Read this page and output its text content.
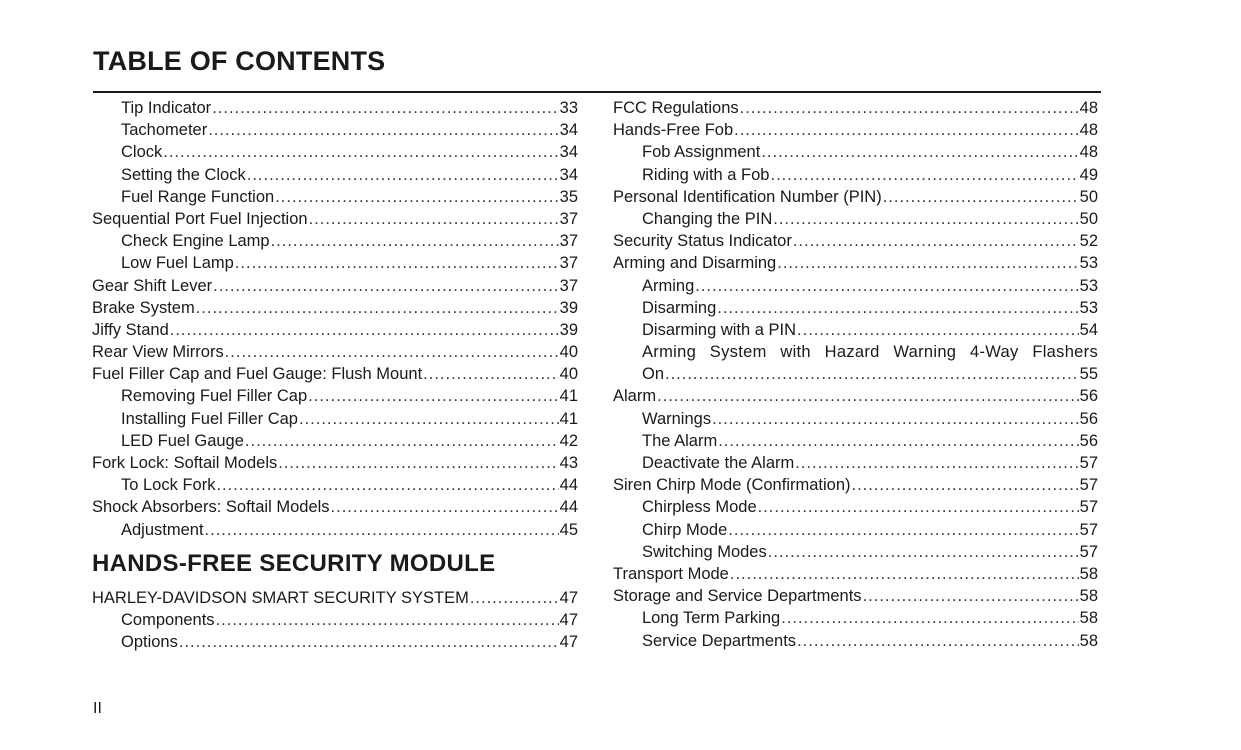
TABLE OF CONTENTS
Tip Indicator .....	33
Tachometer .....	34
Clock .....	34
Setting the Clock .....	34
Fuel Range Function .....	35
Sequential Port Fuel Injection .....	37
Check Engine Lamp .....	37
Low Fuel Lamp .....	37
Gear Shift Lever .....	37
Brake System .....	39
Jiffy Stand .....	39
Rear View Mirrors .....	40
Fuel Filler Cap and Fuel Gauge: Flush Mount .....	40
Removing Fuel Filler Cap .....	41
Installing Fuel Filler Cap .....	41
LED Fuel Gauge .....	42
Fork Lock: Softail Models .....	43
To Lock Fork .....	44
Shock Absorbers: Softail Models .....	44
Adjustment .....	45
HANDS-FREE SECURITY MODULE
HARLEY-DAVIDSON SMART SECURITY SYSTEM .....	47
Components .....	47
Options .....	47
FCC Regulations .....	48
Hands-Free Fob .....	48
Fob Assignment .....	48
Riding with a Fob .....	49
Personal Identification Number (PIN) .....	50
Changing the PIN .....	50
Security Status Indicator .....	52
Arming and Disarming .....	53
Arming .....	53
Disarming .....	53
Disarming with a PIN .....	54
Arming System with Hazard Warning 4-Way Flashers
On .....	55
Alarm .....	56
Warnings .....	56
The Alarm .....	56
Deactivate the Alarm .....	57
Siren Chirp Mode (Confirmation) .....	57
Chirpless Mode .....	57
Chirp Mode .....	57
Switching Modes .....	57
Transport Mode .....	58
Storage and Service Departments .....	58
Long Term Parking .....	58
Service Departments .....	58
II
